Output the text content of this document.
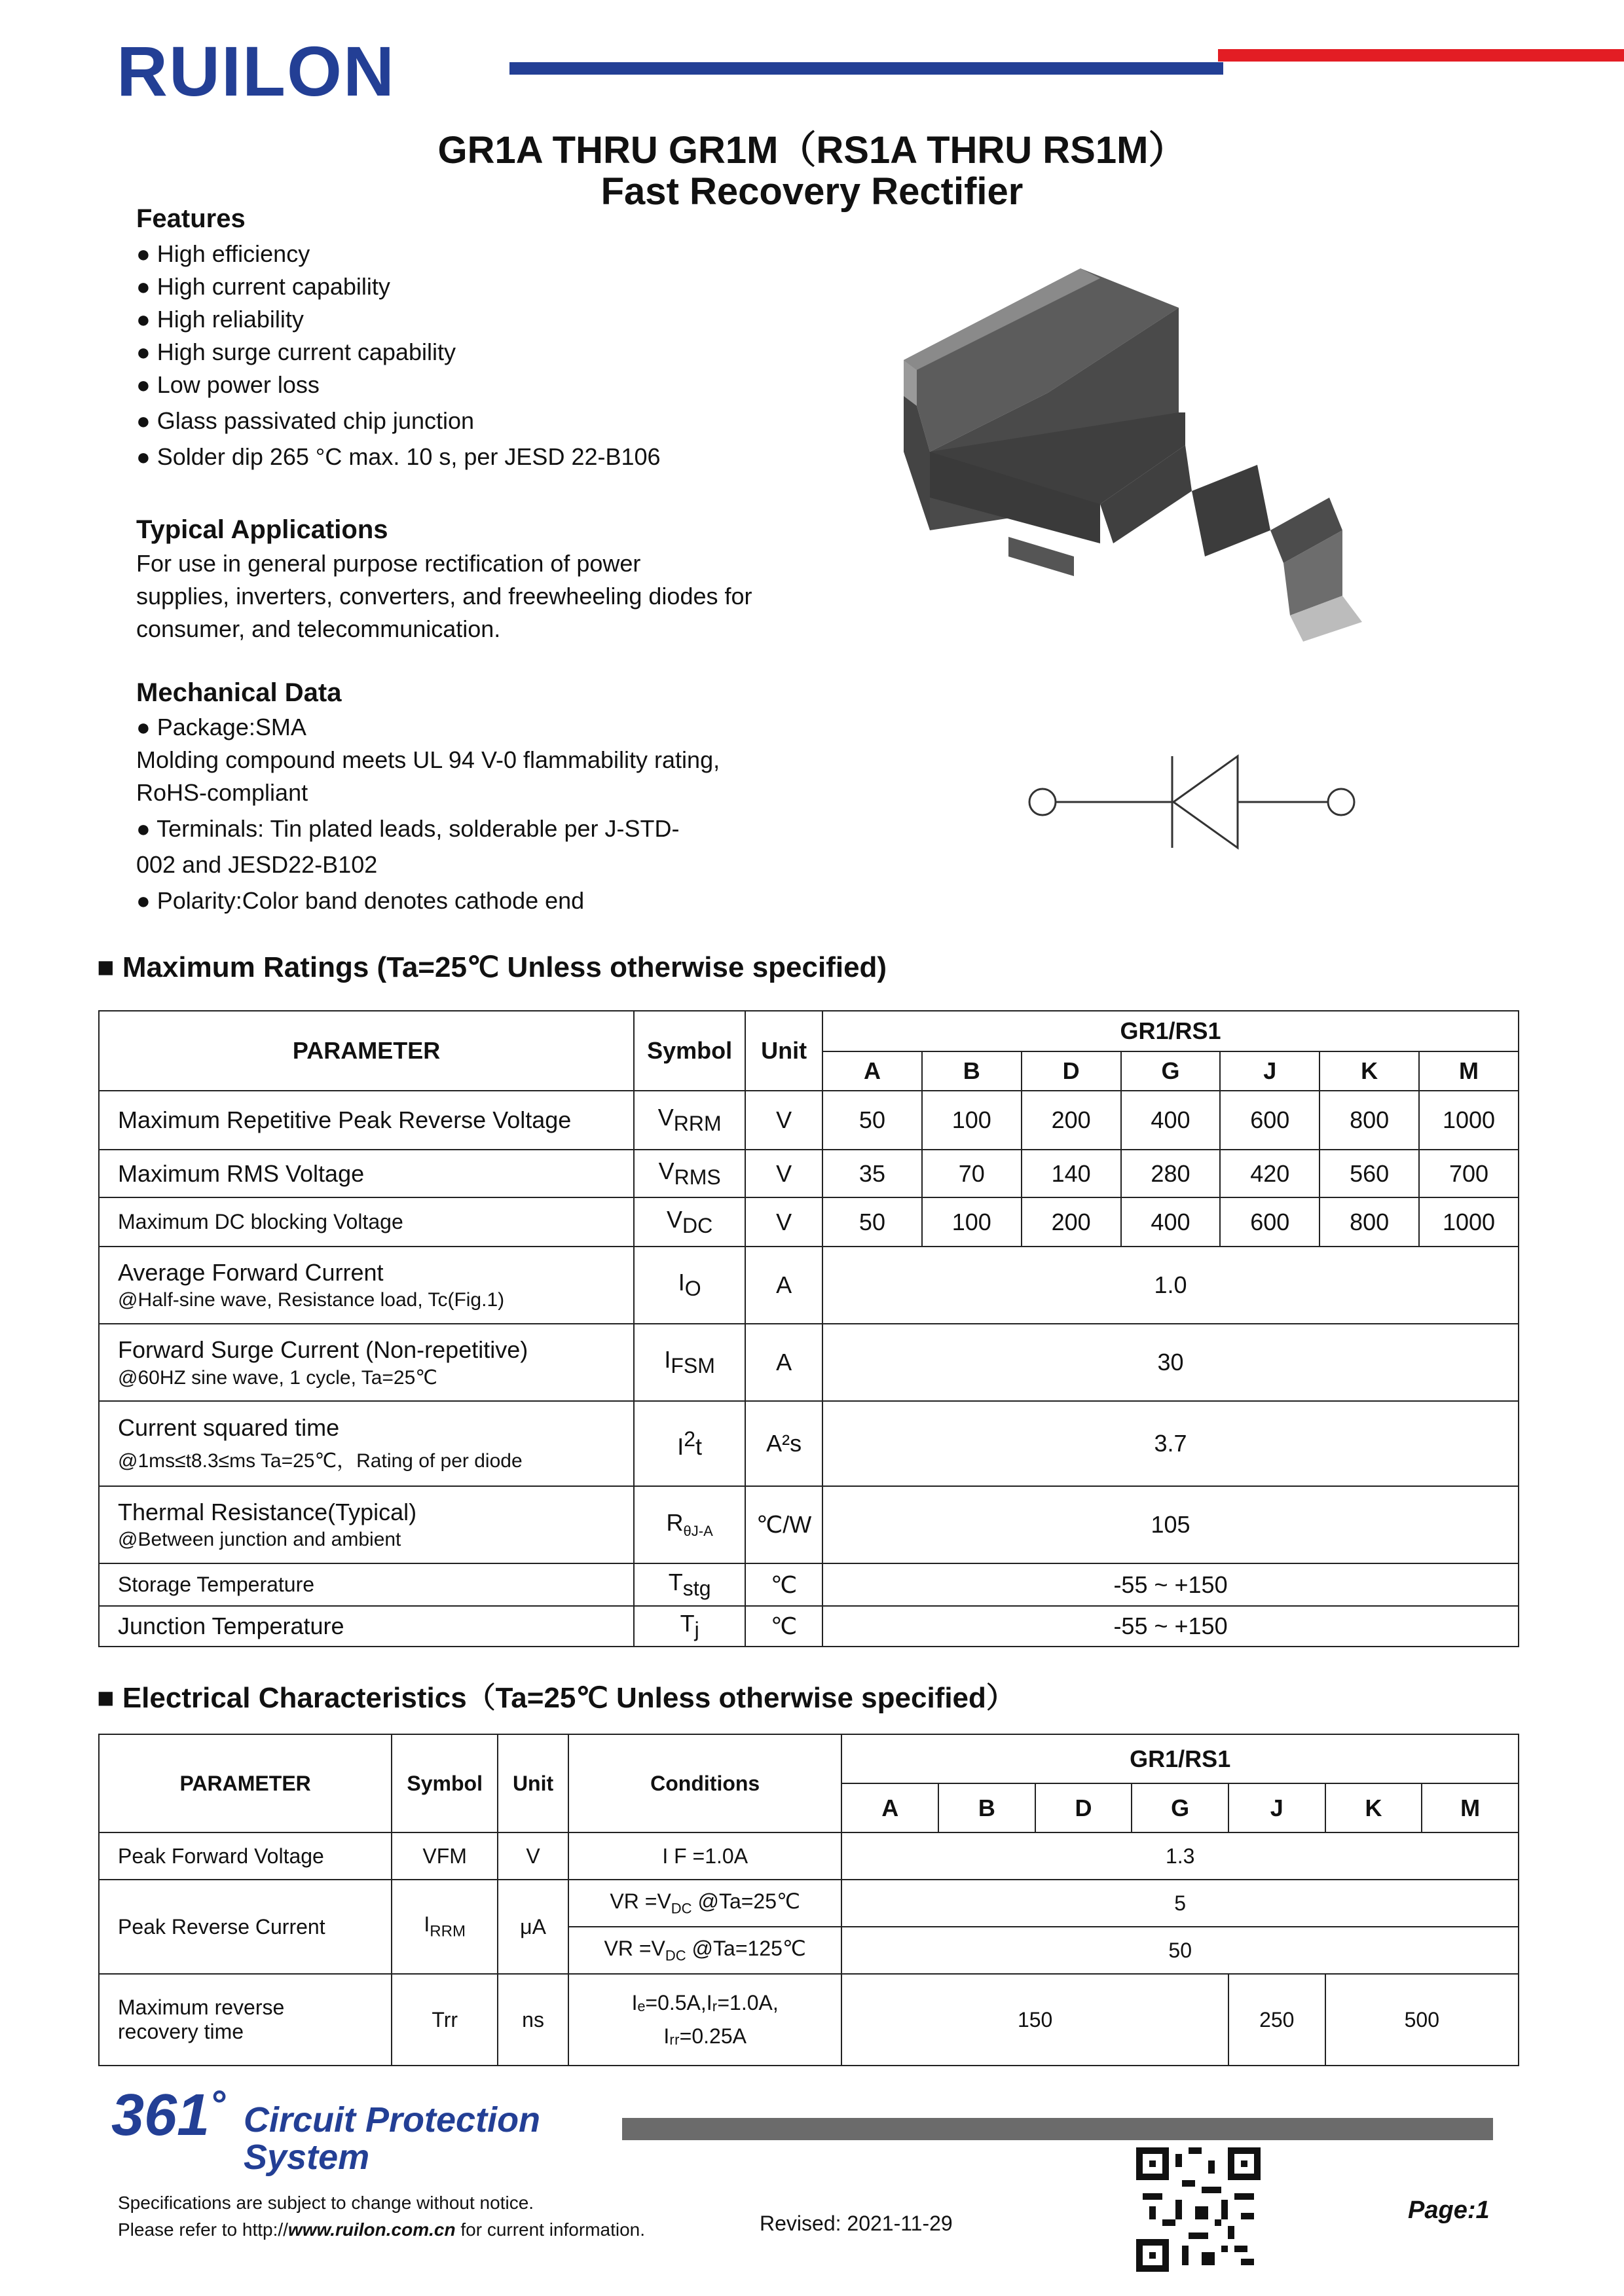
RUILON
GR1A THRU GR1M（RS1A THRU RS1M）
Fast Recovery Rectifier
Features
● High efficiency
● High current capability
● High reliability
● High surge current capability
● Low power loss
● Glass passivated chip junction
● Solder dip 265 °C max. 10 s, per JESD 22-B106
Typical Applications
For use in general purpose rectification of power
supplies, inverters, converters, and freewheeling diodes for
consumer, and telecommunication.
Mechanical Data
● Package:SMA
Molding compound meets UL 94 V-0 flammability rating,
RoHS-compliant
● Terminals: Tin plated leads, solderable per J-STD-
002 and JESD22-B102
● Polarity:Color band denotes cathode end
■ Maximum Ratings (Ta=25℃ Unless otherwise specified)
PARAMETER	Symbol	Unit	GR1/RS1						
			A	B	D	G	J	K	M
Maximum Repetitive Peak Reverse Voltage	$V_{RRM}$	V	50	100	200	400	600	800	1000
Maximum RMS Voltage	$V_{RMS}$	V	35	70	140	280	420	560	700
Maximum DC blocking Voltage	$V_{DC}$	V	50	100	200	400	600	800	1000
Average Forward Current
@Half-sine wave, Resistance load, Tc(Fig.1)	$I_O$	A	1.0						
Forward Surge Current (Non-repetitive)
@60HZ sine wave, 1 cycle, Ta=25℃	$I_{FSM}$	A	30						
Current squared time
@1ms≤t8.3≤ms Ta=25℃，Rating of per diode	$I^2t$	A²s	3.7						
Thermal Resistance(Typical)
@Between junction and ambient	$R_{\theta J-A}$	℃/W	105						
Storage Temperature	$T_{stg}$	℃	-55 ~ +150						
Junction Temperature	$T_j$	℃	-55 ~ +150						
■ Electrical Characteristics（Ta=25℃ Unless otherwise specified）
PARAMETER	Symbol	Unit	Conditions	GR1/RS1						
				A	B	D	G	J	K	M
Peak Forward Voltage	VFM	V	I F =1.0A	1.3						
Peak Reverse Current	$I_{RRM}$	μA	VR $=V_{DC}$ @Ta=25℃	5						
			VR $=V_{DC}$ @Ta=125℃	50						
Maximum reverse
recovery time	Trr	ns	Iₑ=0.5A,Iᵣ=1.0A,
Iᵣᵣ=0.25A	150				250	500	
361° Circuit Protection
System
Specifications are subject to change without notice.
Please refer to http://www.ruilon.com.cn for current information.	Revised: 2021-11-29	Page:1
